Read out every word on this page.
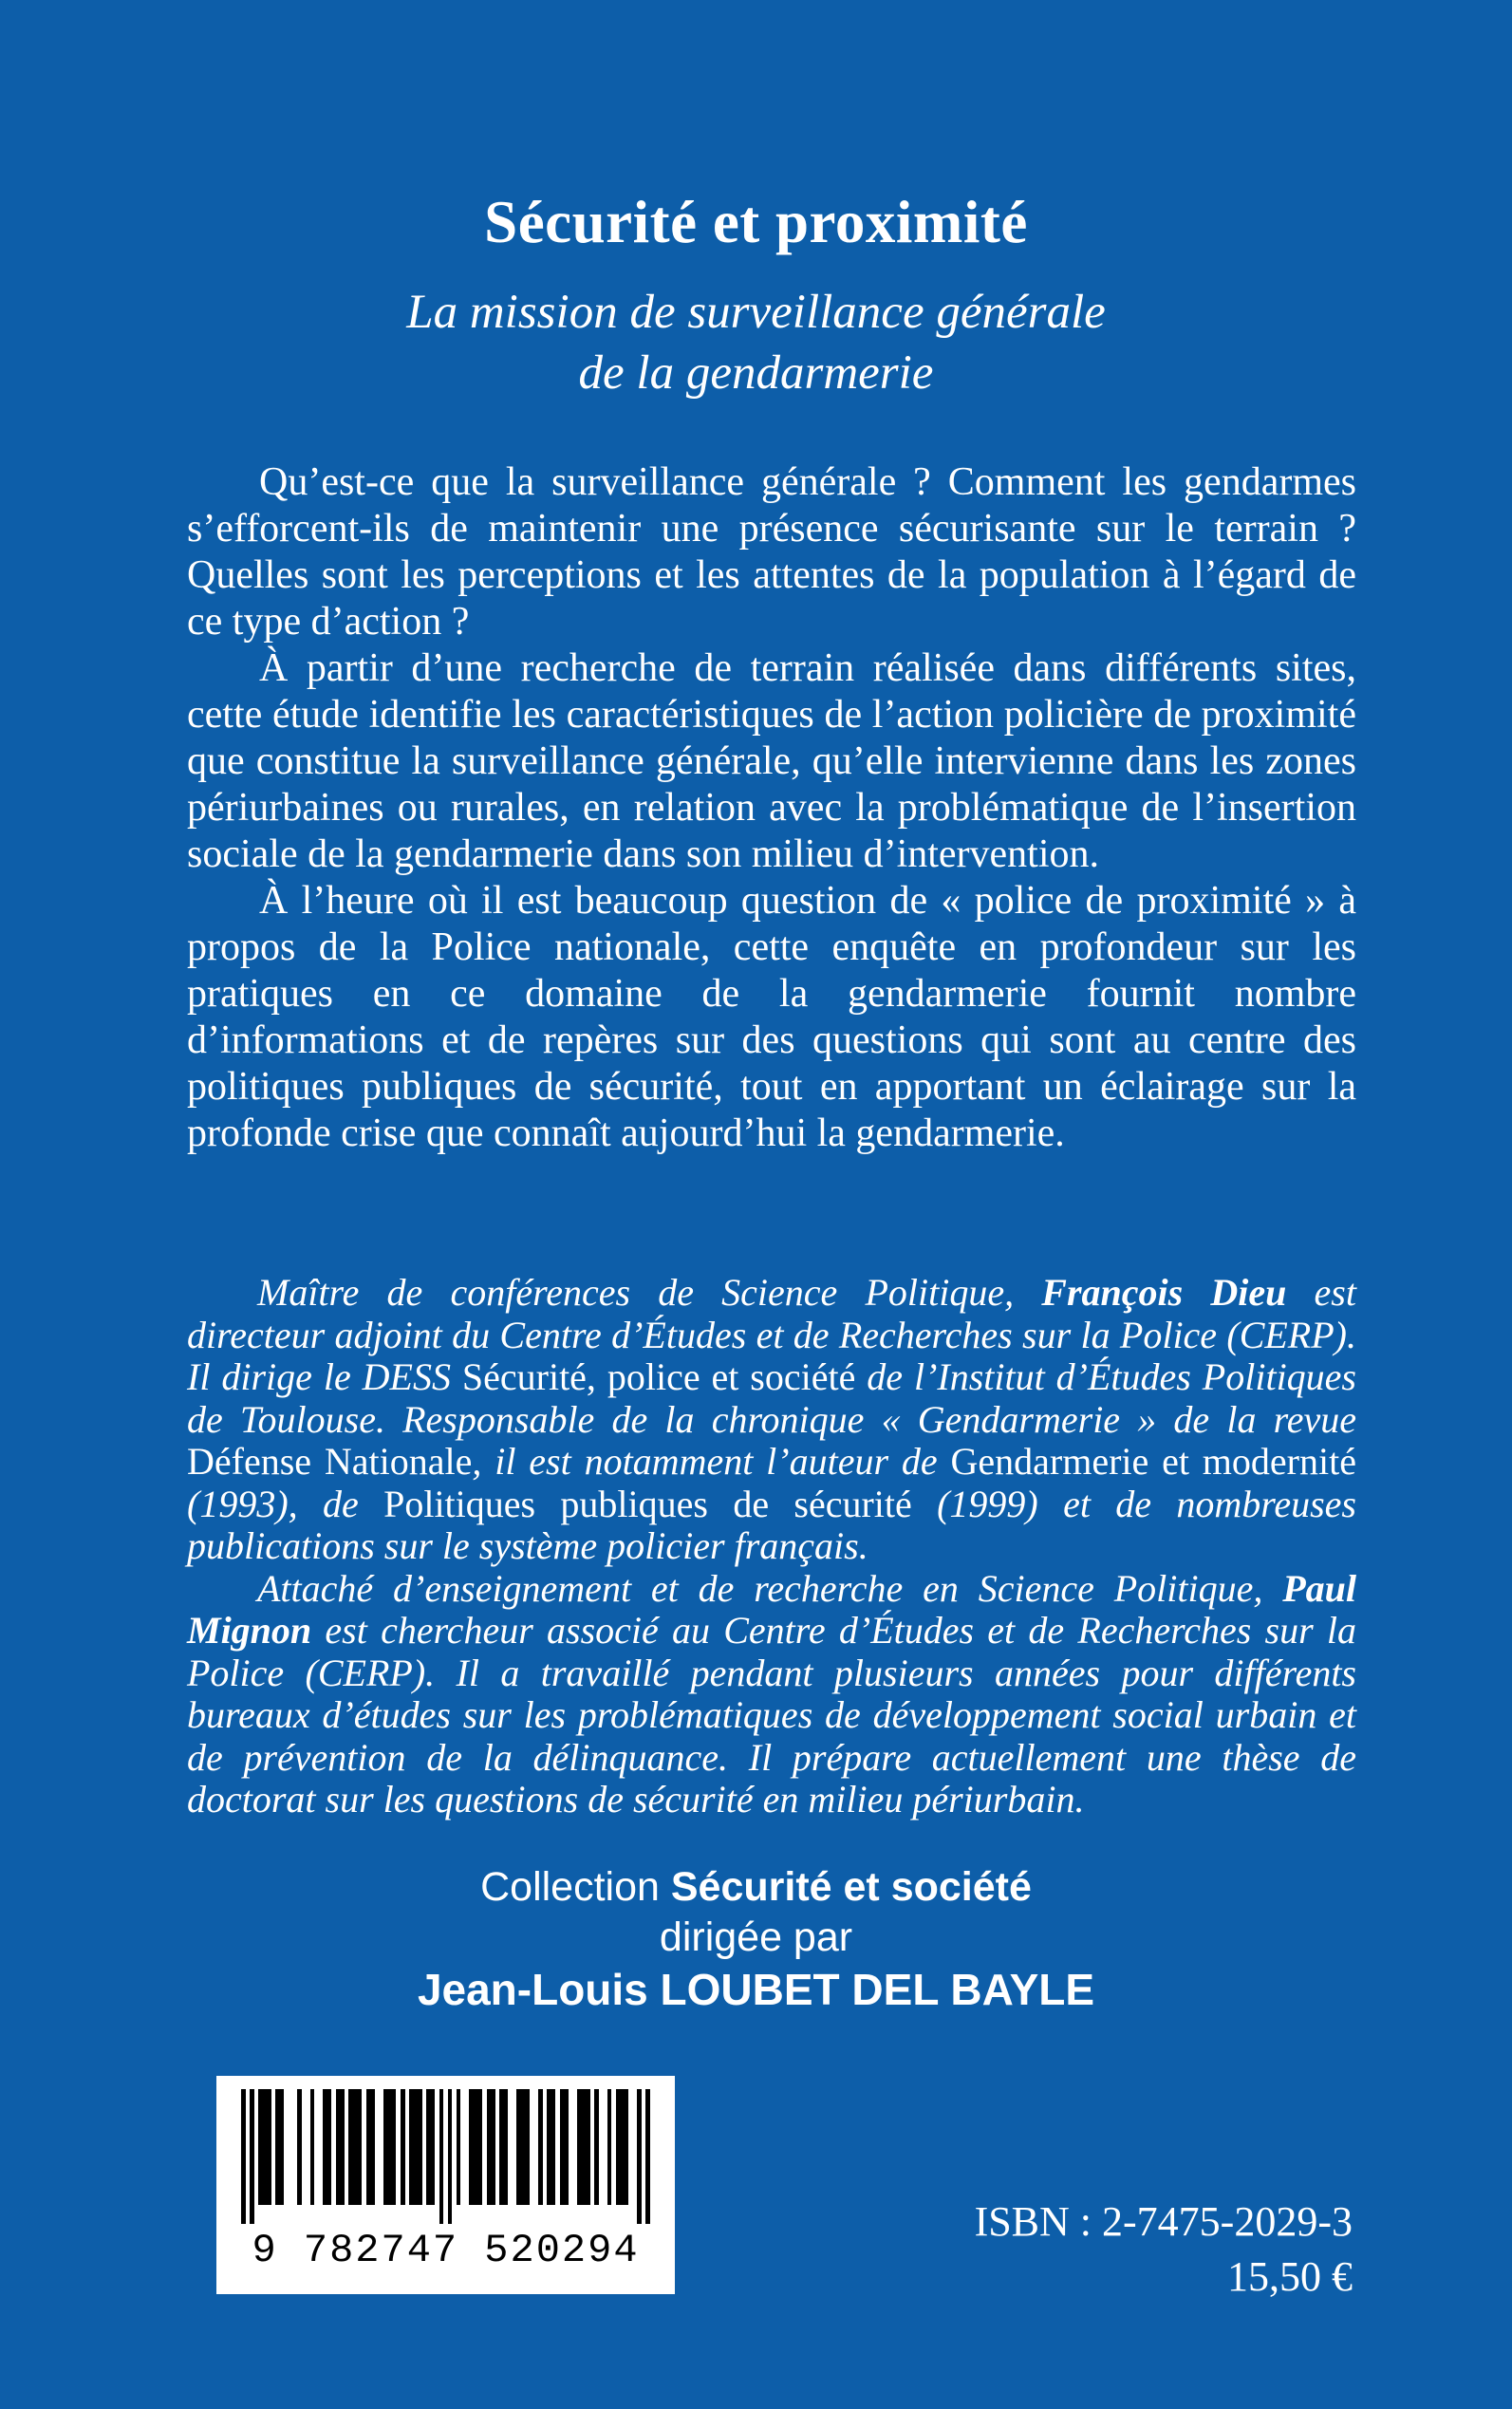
Sécurité et proximité
La mission de surveillance générale
de la gendarmerie

Qu’est-ce que la surveillance générale ? Comment les gendarmes s’efforcent-ils de maintenir une présence sécurisante sur le terrain ? Quelles sont les perceptions et les attentes de la population à l’égard de ce type d’action ?

À partir d’une recherche de terrain réalisée dans différents sites, cette étude identifie les caractéristiques de l’action policière de proximité que constitue la surveillance générale, qu’elle intervienne dans les zones périurbaines ou rurales, en relation avec la problématique de l’insertion sociale de la gendarmerie dans son milieu d’intervention.

À l’heure où il est beaucoup question de « police de proximité » à propos de la Police nationale, cette enquête en profondeur sur les pratiques en ce domaine de la gendarmerie fournit nombre d’informations et de repères sur des questions qui sont au centre des politiques publiques de sécurité, tout en apportant un éclairage sur la profonde crise que connaît aujourd’hui la gendarmerie.

Maître de conférences de Science Politique, François Dieu est directeur adjoint du Centre d’Études et de Recherches sur la Police (CERP). Il dirige le DESS Sécurité, police et société de l’Institut d’Études Politiques de Toulouse. Responsable de la chronique « Gendarmerie » de la revue Défense Nationale, il est notamment l’auteur de Gendarmerie et modernité (1993), de Politiques publiques de sécurité (1999) et de nombreuses publications sur le système policier français.

Attaché d’enseignement et de recherche en Science Politique, Paul Mignon est chercheur associé au Centre d’Études et de Recherches sur la Police (CERP). Il a travaillé pendant plusieurs années pour différents bureaux d’études sur les problématiques de développement social urbain et de prévention de la délinquance. Il prépare actuellement une thèse de doctorat sur les questions de sécurité en milieu périurbain.

Collection Sécurité et société
dirigée par
Jean-Louis LOUBET DEL BAYLE
9 782747 520294
ISBN : 2-7475-2029-3
15,50 €
